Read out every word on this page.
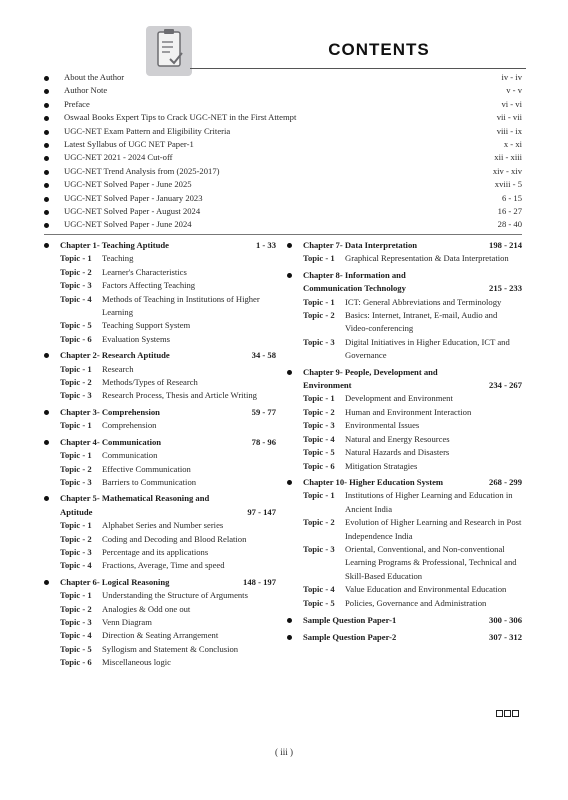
CONTENTS
About the Author	iv - iv
Author Note	v - v
Preface	vi - vi
Oswaal Books Expert Tips to Crack UGC-NET in the First Attempt	vii - vii
UGC-NET Exam Pattern and Eligibility Criteria	viii - ix
Latest Syllabus of UGC NET Paper-1	x - xi
UGC-NET 2021 - 2024 Cut-off	xii - xiii
UGC-NET Trend Analysis from (2025-2017)	xiv - xiv
UGC-NET Solved Paper - June 2025	xviii - 5
UGC-NET Solved Paper - January 2023	6 - 15
UGC-NET Solved Paper - August 2024	16 - 27
UGC-NET Solved Paper - June 2024	28 - 40
Chapter 1- Teaching Aptitude	1 - 33
Topic - 1	Teaching
Topic - 2	Learner's Characteristics
Topic - 3	Factors Affecting Teaching
Topic - 4	Methods of Teaching in Institutions of Higher Learning
Topic - 5	Teaching Support System
Topic - 6	Evaluation Systems
Chapter 2- Research Aptitude	34 - 58
Topic - 1	Research
Topic - 2	Methods/Types of Research
Topic - 3	Research Process, Thesis and Article Writing
Chapter 3- Comprehension	59 - 77
Topic - 1	Comprehension
Chapter 4- Communication	78 - 96
Topic - 1	Communication
Topic - 2	Effective Communication
Topic - 3	Barriers to Communication
Chapter 5- Mathematical Reasoning and Aptitude	97 - 147
Topic - 1	Alphabet Series and Number series
Topic - 2	Coding and Decoding and Blood Relation
Topic - 3	Percentage and its applications
Topic - 4	Fractions, Average, Time and speed
Chapter 6- Logical Reasoning	148 - 197
Topic - 1	Understanding the Structure of Arguments
Topic - 2	Analogies & Odd one out
Topic - 3	Venn Diagram
Topic - 4	Direction & Seating Arrangement
Topic - 5	Syllogism and Statement & Conclusion
Topic - 6	Miscellaneous logic
Chapter 7- Data Interpretation	198 - 214
Topic - 1	Graphical Representation & Data Interpretation
Chapter 8- Information and Communication Technology	215 - 233
Topic - 1	ICT: General Abbreviations and Terminology
Topic - 2	Basics: Internet, Intranet, E-mail, Audio and Video-conferencing
Topic - 3	Digital Initiatives in Higher Education, ICT and Governance
Chapter 9- People, Development and Environment	234 - 267
Topic - 1	Development and Environment
Topic - 2	Human and Environment Interaction
Topic - 3	Environmental Issues
Topic - 4	Natural and Energy Resources
Topic - 5	Natural Hazards and Disasters
Topic - 6	Mitigation Stratagies
Chapter 10- Higher Education System	268 - 299
Topic - 1	Institutions of Higher Learning and Education in Ancient India
Topic - 2	Evolution of Higher Learning and Research in Post Independence India
Topic - 3	Oriental, Conventional, and Non-conventional Learning Programs & Professional, Technical and Skill-Based Education
Topic - 4	Value Education and Environmental Education
Topic - 5	Policies, Governance and Administration
Sample Question Paper-1	300 - 306
Sample Question Paper-2	307 - 312
( iii )
